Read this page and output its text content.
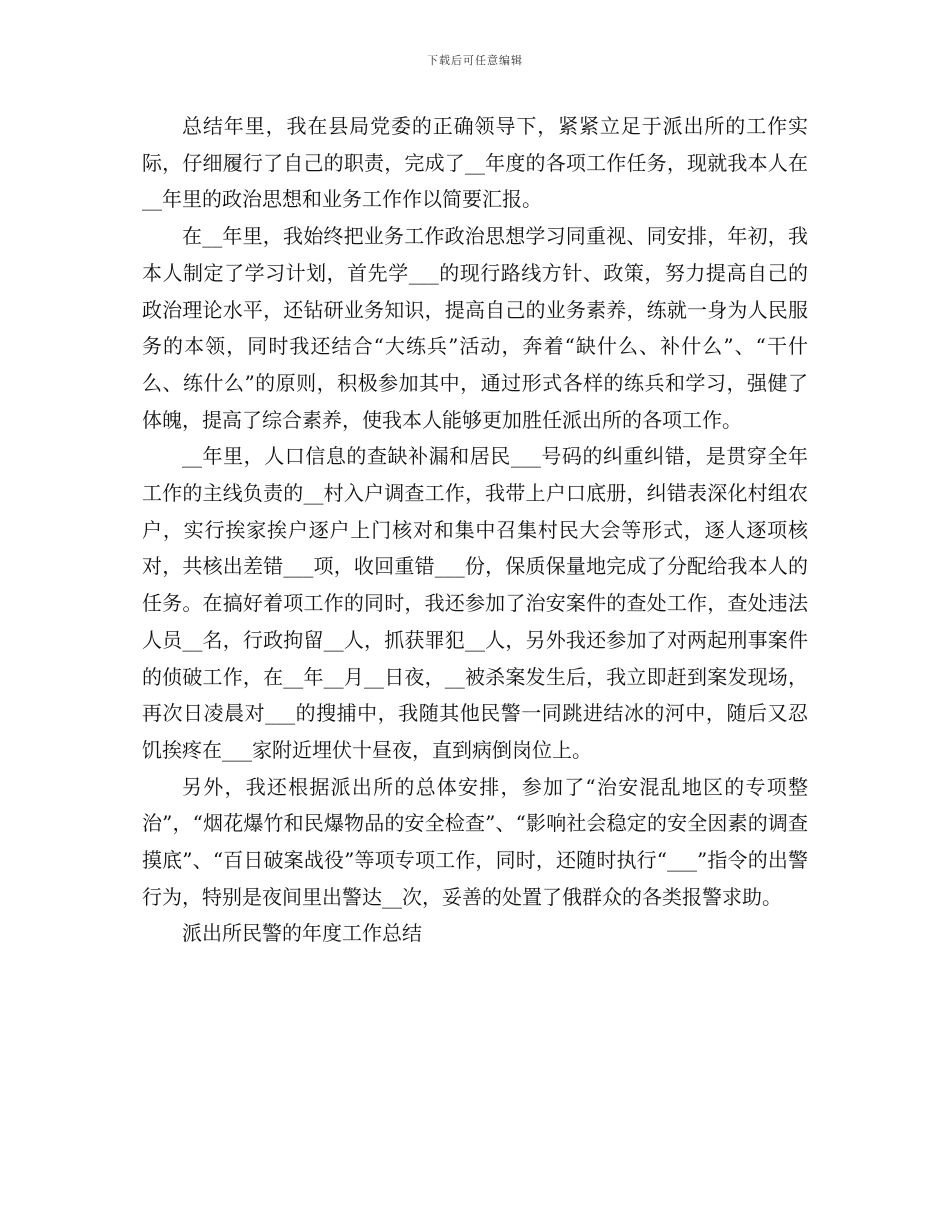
下载后可任意编辑

总结年里，我在县局党委的正确领导下，紧紧立足于派出所的工作实际，仔细履行了自己的职责，完成了__年度的各项工作任务，现就我本人在__年里的政治思想和业务工作作以简要汇报。

在__年里，我始终把业务工作政治思想学习同重视、同安排，年初，我本人制定了学习计划，首先学___的现行路线方针、政策，努力提高自己的政治理论水平，还钻研业务知识，提高自己的业务素养，练就一身为人民服务的本领，同时我还结合“大练兵”活动，奔着“缺什么、补什么”、“干什么、练什么”的原则，积极参加其中，通过形式各样的练兵和学习，强健了体魄，提高了综合素养，使我本人能够更加胜任派出所的各项工作。

__年里，人口信息的查缺补漏和居民___号码的纠重纠错，是贯穿全年工作的主线负责的__村入户调查工作，我带上户口底册，纠错表深化村组农户，实行挨家挨户逐户上门核对和集中召集村民大会等形式，逐人逐项核对，共核出差错___项，收回重错___份，保质保量地完成了分配给我本人的任务。在搞好着项工作的同时，我还参加了治安案件的查处工作，查处违法人员__名，行政拘留__人，抓获罪犯__人，另外我还参加了对两起刑事案件的侦破工作，在__年__月__日夜，__被杀案发生后，我立即赶到案发现场，再次日凌晨对___的搜捕中，我随其他民警一同跳进结冰的河中，随后又忍饥挨疼在___家附近埋伏十昼夜，直到病倒岗位上。

另外，我还根据派出所的总体安排，参加了“治安混乱地区的专项整治”，“烟花爆竹和民爆物品的安全检查”、“影响社会稳定的安全因素的调查摸底”、“百日破案战役”等项专项工作，同时，还随时执行“___”指令的出警行为，特别是夜间里出警达__次，妥善的处置了俄群众的各类报警求助。

派出所民警的年度工作总结
